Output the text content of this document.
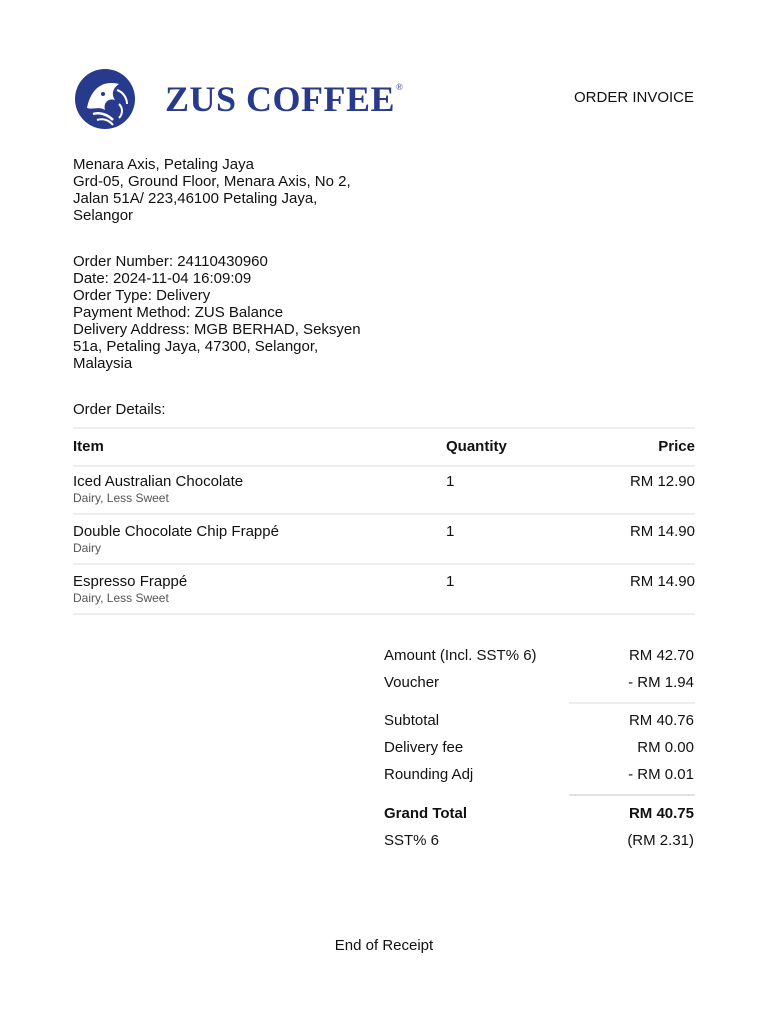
ZUS COFFEE®
ORDER INVOICE
Menara Axis, Petaling Jaya
Grd-05, Ground Floor, Menara Axis, No 2,
Jalan 51A/ 223,46100 Petaling Jaya,
Selangor
Order Number: 24110430960
Date: 2024-11-04 16:09:09
Order Type: Delivery
Payment Method: ZUS Balance
Delivery Address: MGB BERHAD, Seksyen
51a, Petaling Jaya, 47300, Selangor,
Malaysia
Order Details:
Item	Quantity	Price
Iced Australian Chocolate
Dairy, Less Sweet
1	RM 12.90
Double Chocolate Chip Frappé
Dairy
1	RM 14.90
Espresso Frappé
Dairy, Less Sweet
1	RM 14.90
Amount (Incl. SST% 6)	RM 42.70
Voucher	- RM 1.94
Subtotal	RM 40.76
Delivery fee	RM 0.00
Rounding Adj	- RM 0.01
Grand Total	RM 40.75
SST% 6	(RM 2.31)
End of Receipt
